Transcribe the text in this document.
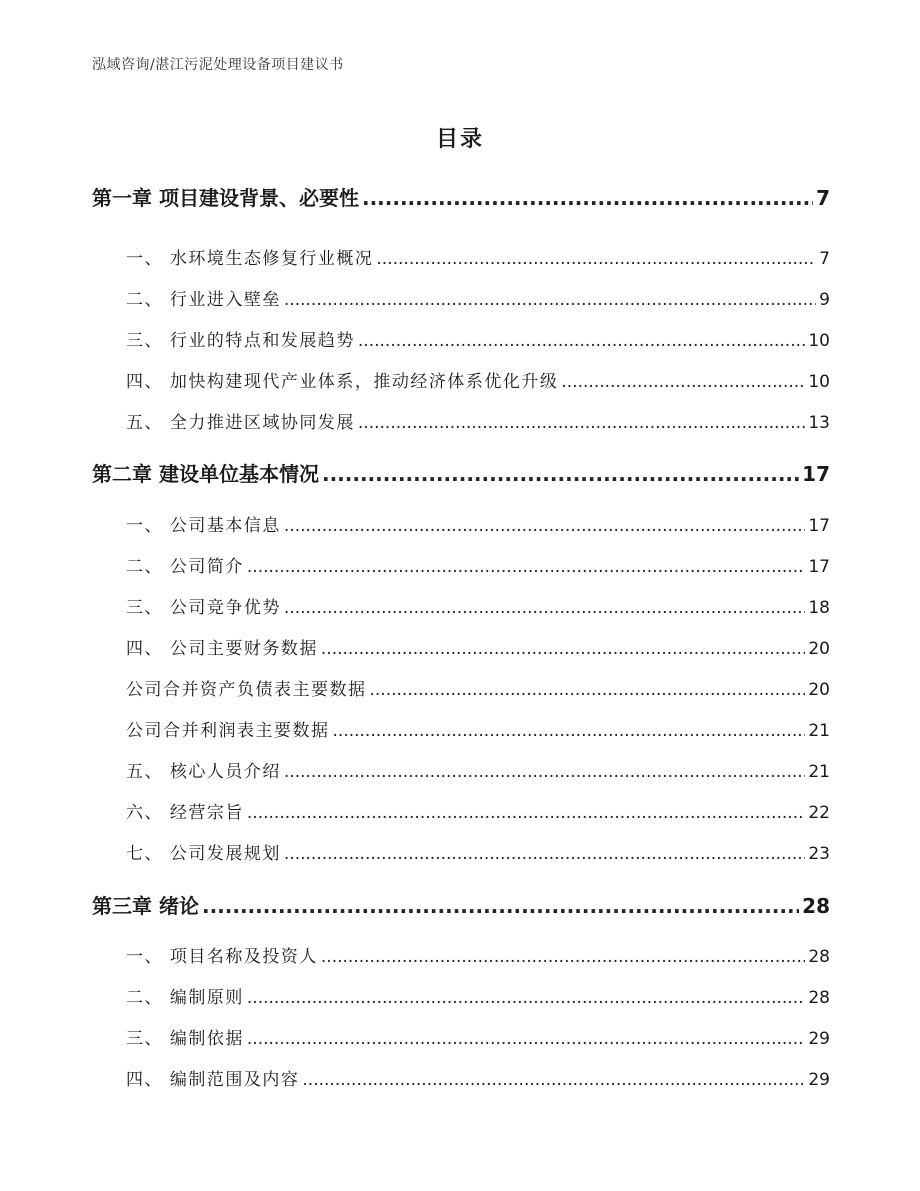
泓域咨询/湛江污泥处理设备项目建议书
目录
第一章 项目建设背景、必要性 .....	7
一、 水环境生态修复行业概况 .....	7
二、 行业进入壁垒 .....	9
三、 行业的特点和发展趋势 .....	10
四、 加快构建现代产业体系，推动经济体系优化升级 .....	10
五、 全力推进区域协同发展 .....	13
第二章 建设单位基本情况 .....	17
一、 公司基本信息 .....	17
二、 公司简介 .....	17
三、 公司竞争优势 .....	18
四、 公司主要财务数据 .....	20
公司合并资产负债表主要数据 .....	20
公司合并利润表主要数据 .....	21
五、 核心人员介绍 .....	21
六、 经营宗旨 .....	22
七、 公司发展规划 .....	23
第三章 绪论 .....	28
一、 项目名称及投资人 .....	28
二、 编制原则 .....	28
三、 编制依据 .....	29
四、 编制范围及内容 .....	29
